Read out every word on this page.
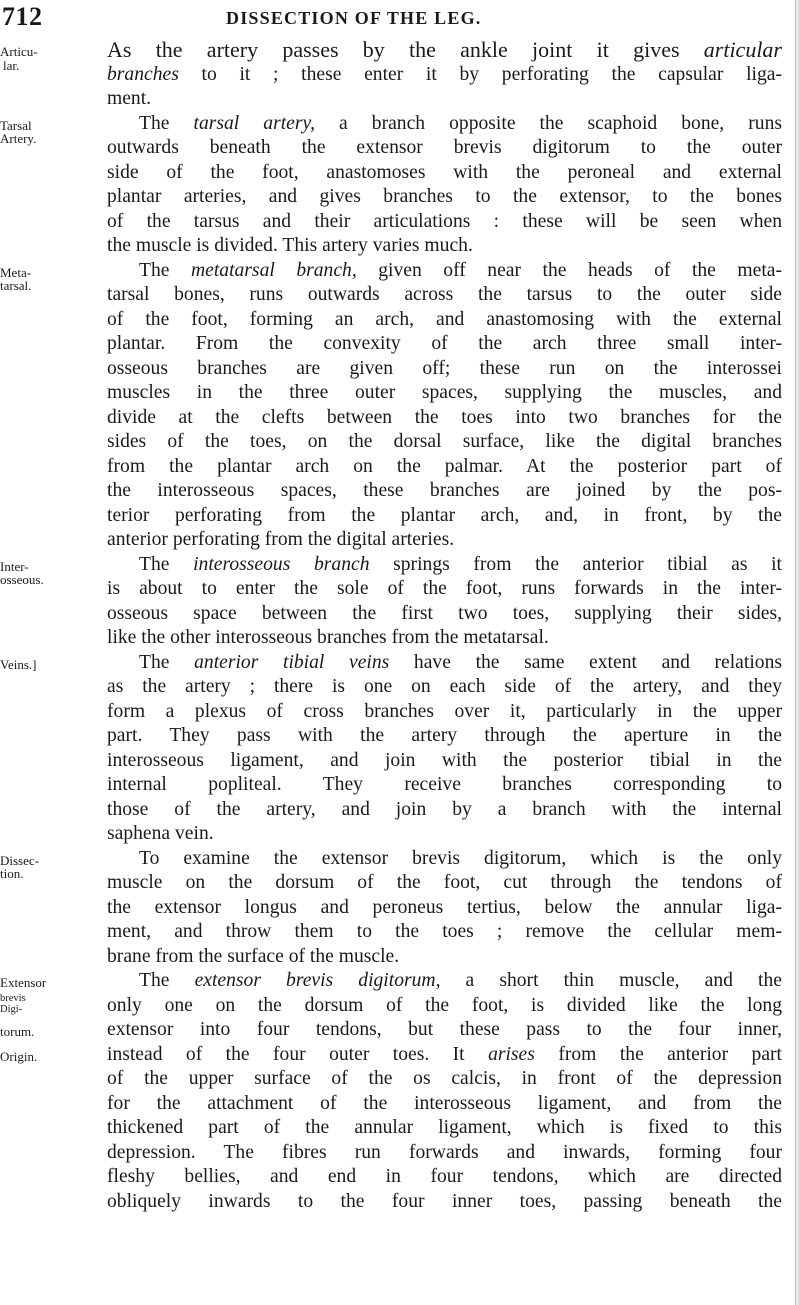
712	DISSECTION OF THE LEG.
Articu-	As the artery passes by the ankle joint it gives articular
lar.	branches to it ; these enter it by perforating the capsular liga-
ment.
Tarsal	The tarsal artery, a branch opposite the scaphoid bone, runs
Artery.	outwards beneath the extensor brevis digitorum to the outer
side of the foot, anastomoses with the peroneal and external
plantar arteries, and gives branches to the extensor, to the bones
of the tarsus and their articulations : these will be seen when
the muscle is divided. This artery varies much.
Meta-	The metatarsal branch, given off near the heads of the meta-
tarsal.	tarsal bones, runs outwards across the tarsus to the outer side
of the foot, forming an arch, and anastomosing with the external
plantar. From the convexity of the arch three small inter-
osseous branches are given off; these run on the interossei
muscles in the three outer spaces, supplying the muscles, and
divide at the clefts between the toes into two branches for the
sides of the toes, on the dorsal surface, like the digital branches
from the plantar arch on the palmar. At the posterior part of
the interosseous spaces, these branches are joined by the pos-
terior perforating from the plantar arch, and, in front, by the
anterior perforating from the digital arteries.
Inter-	The interosseous branch springs from the anterior tibial as it
osseous.	is about to enter the sole of the foot, runs forwards in the inter-
osseous space between the first two toes, supplying their sides,
like the other interosseous branches from the metatarsal.
Veins.]	The anterior tibial veins have the same extent and relations
as the artery ; there is one on each side of the artery, and they
form a plexus of cross branches over it, particularly in the upper
part. They pass with the artery through the aperture in the
interosseous ligament, and join with the posterior tibial in the
internal popliteal. They receive branches corresponding to
those of the artery, and join by a branch with the internal
saphena vein.
Dissec-	To examine the extensor brevis digitorum, which is the only
tion.	muscle on the dorsum of the foot, cut through the tendons of
the extensor longus and peroneus tertius, below the annular liga-
ment, and throw them to the toes ; remove the cellular mem-
brane from the surface of the muscle.
Extensor	The extensor brevis digitorum, a short thin muscle, and the
brevis
Digi-	only one on the dorsum of the foot, is divided like the long
torum.	extensor into four tendons, but these pass to the four inner,
Origin.	instead of the four outer toes. It arises from the anterior part
of the upper surface of the os calcis, in front of the depression
for the attachment of the interosseous ligament, and from the
thickened part of the annular ligament, which is fixed to this
depression. The fibres run forwards and inwards, forming four
fleshy bellies, and end in four tendons, which are directed
obliquely inwards to the four inner toes, passing beneath the
